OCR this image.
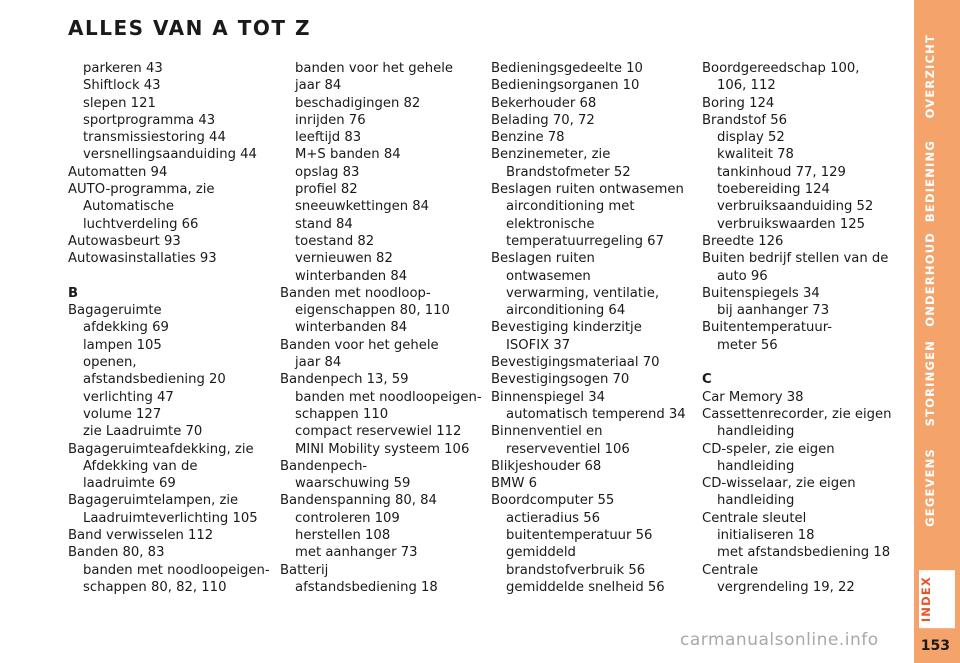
ALLES VAN A TOT Z
parkeren 43
Shiftlock 43
slepen 121
sportprogramma 43
transmissiestoring 44
versnellingsaanduiding 44
Automatten 94
AUTO-programma, zie
Automatische
luchtverdeling 66
Autowasbeurt 93
Autowasinstallaties 93
B
Bagageruimte
afdekking 69
lampen 105
openen,
afstandsbediening 20
verlichting 47
volume 127
zie Laadruimte 70
Bagageruimteafdekking, zie
Afdekking van de
laadruimte 69
Bagageruimtelampen, zie
Laadruimteverlichting 105
Band verwisselen 112
Banden 80, 83
banden met noodloopeigen-
schappen 80, 82, 110
banden voor het gehele
jaar 84
beschadigingen 82
inrijden 76
leeftijd 83
M+S banden 84
opslag 83
profiel 82
sneeuwkettingen 84
stand 84
toestand 82
vernieuwen 82
winterbanden 84
Banden met noodloop-
eigenschappen 80, 110
winterbanden 84
Banden voor het gehele
jaar 84
Bandenpech 13, 59
banden met noodloopeigen-
schappen 110
compact reservewiel 112
MINI Mobility systeem 106
Bandenpech-
waarschuwing 59
Bandenspanning 80, 84
controleren 109
herstellen 108
met aanhanger 73
Batterij
afstandsbediening 18
Bedieningsgedeelte 10
Bedieningsorganen 10
Bekerhouder 68
Belading 70, 72
Benzine 78
Benzinemeter, zie
Brandstofmeter 52
Beslagen ruiten ontwasemen
airconditioning met
elektronische
temperatuurregeling 67
Beslagen ruiten
ontwasemen
verwarming, ventilatie,
airconditioning 64
Bevestiging kinderzitje
ISOFIX 37
Bevestigingsmateriaal 70
Bevestigingsogen 70
Binnenspiegel 34
automatisch temperend 34
Binnenventiel en
reserveventiel 106
Blikjeshouder 68
BMW 6
Boordcomputer 55
actieradius 56
buitentemperatuur 56
gemiddeld
brandstofverbruik 56
gemiddelde snelheid 56
Boordgereedschap 100,
106, 112
Boring 124
Brandstof 56
display 52
kwaliteit 78
tankinhoud 77, 129
toebereiding 124
verbruiksaanduiding 52
verbruikswaarden 125
Breedte 126
Buiten bedrijf stellen van de
auto 96
Buitenspiegels 34
bij aanhanger 73
Buitentemperatuur-
meter 56
C
Car Memory 38
Cassettenrecorder, zie eigen
handleiding
CD-speler, zie eigen
handleiding
CD-wisselaar, zie eigen
handleiding
Centrale sleutel
initialiseren 18
met afstandsbediening 18
Centrale
vergrendeling 19, 22
OVERZICHT
BEDIENING
ONDERHOUD
STORINGEN
GEGEVENS
INDEX
153
carmanualsonline.info
